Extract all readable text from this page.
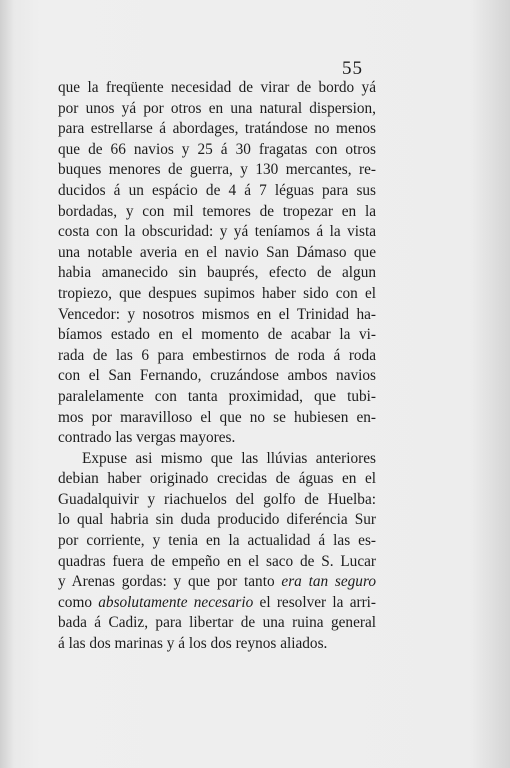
55

que la freqüente necesidad de virar de bordo yá
por unos yá por otros en una natural dispersion,
para estrellarse á abordages, tratándose no menos
que de 66 navios y 25 á 30 fragatas con otros
buques menores de guerra, y 130 mercantes, re-
ducidos á un espácio de 4 á 7 léguas para sus
bordadas, y con mil temores de tropezar en la
costa con la obscuridad: y yá teníamos á la vista
una notable averia en el navio San Dámaso que
habia amanecido sin bauprés, efecto de algun
tropiezo, que despues supimos haber sido con el
Vencedor: y nosotros mismos en el Trinidad ha-
bíamos estado en el momento de acabar la vi-
rada de las 6 para embestirnos de roda á roda
con el San Fernando, cruzándose ambos navios
paralelamente con tanta proximidad, que tubi-
mos por maravilloso el que no se hubiesen en-
contrado las vergas mayores.

Expuse asi mismo que las llúvias anteriores
debian haber originado crecidas de águas en el
Guadalquivir y riachuelos del golfo de Huelba:
lo qual habria sin duda producido diferéncia Sur
por corriente, y tenia en la actualidad á las es-
quadras fuera de empeño en el saco de S. Lucar
y Arenas gordas: y que por tanto era tan seguro
como absolutamente necesario el resolver la arri-
bada á Cadiz, para libertar de una ruina general
á las dos marinas y á los dos reynos aliados.
